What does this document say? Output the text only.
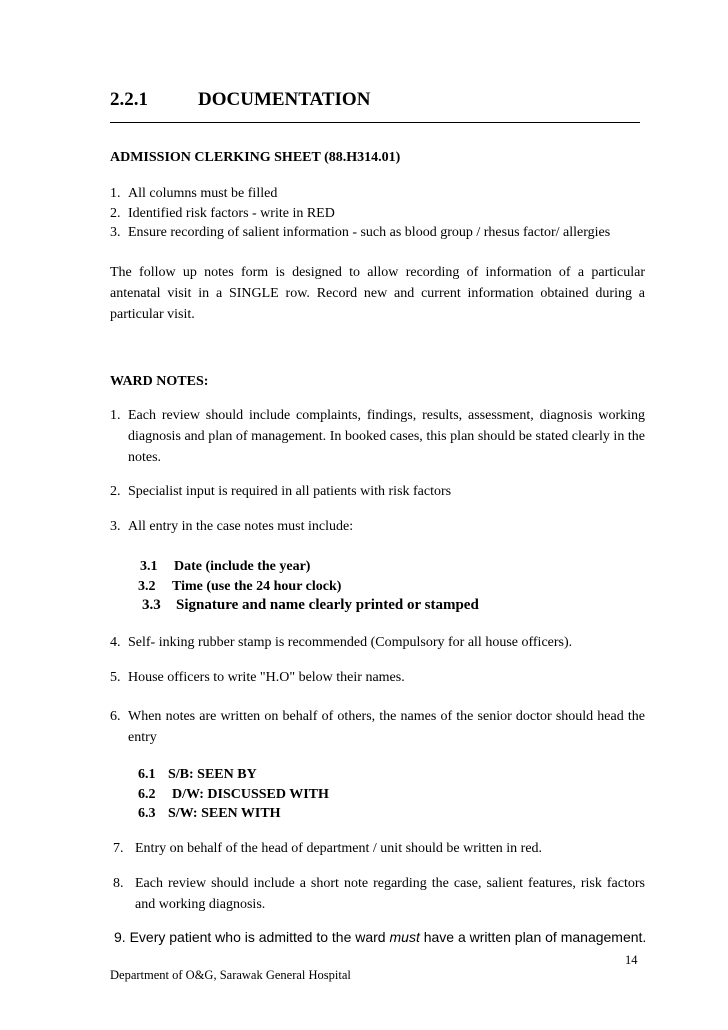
2.2.1	DOCUMENTATION
ADMISSION CLERKING SHEET (88.H314.01)
1. All columns must be filled
2. Identified risk factors - write in RED
3. Ensure recording of salient information - such as blood group / rhesus factor/ allergies
The follow up notes form is designed to allow recording of information of a particular antenatal visit in a SINGLE row. Record new and current information obtained during a particular visit.
WARD NOTES:
1. Each review should include complaints, findings, results, assessment, diagnosis working diagnosis and plan of management. In booked cases, this plan should be stated clearly in the notes.
2. Specialist input is required in all patients with risk factors
3. All entry in the case notes must include:
3.1 Date (include the year)
3.2 Time (use the 24 hour clock)
3.3 Signature and name clearly printed or stamped
4. Self- inking rubber stamp is recommended (Compulsory for all house officers).
5. House officers to write "H.O" below their names.
6. When notes are written on behalf of others, the names of the senior doctor should head the entry
6.1 S/B: SEEN BY
6.2 D/W: DISCUSSED WITH
6.3 S/W: SEEN WITH
7. Entry on behalf of the head of department / unit should be written in red.
8. Each review should include a short note regarding the case, salient features, risk factors and working diagnosis.
9. Every patient who is admitted to the ward must have a written plan of management.
14
Department of O&G, Sarawak General Hospital
